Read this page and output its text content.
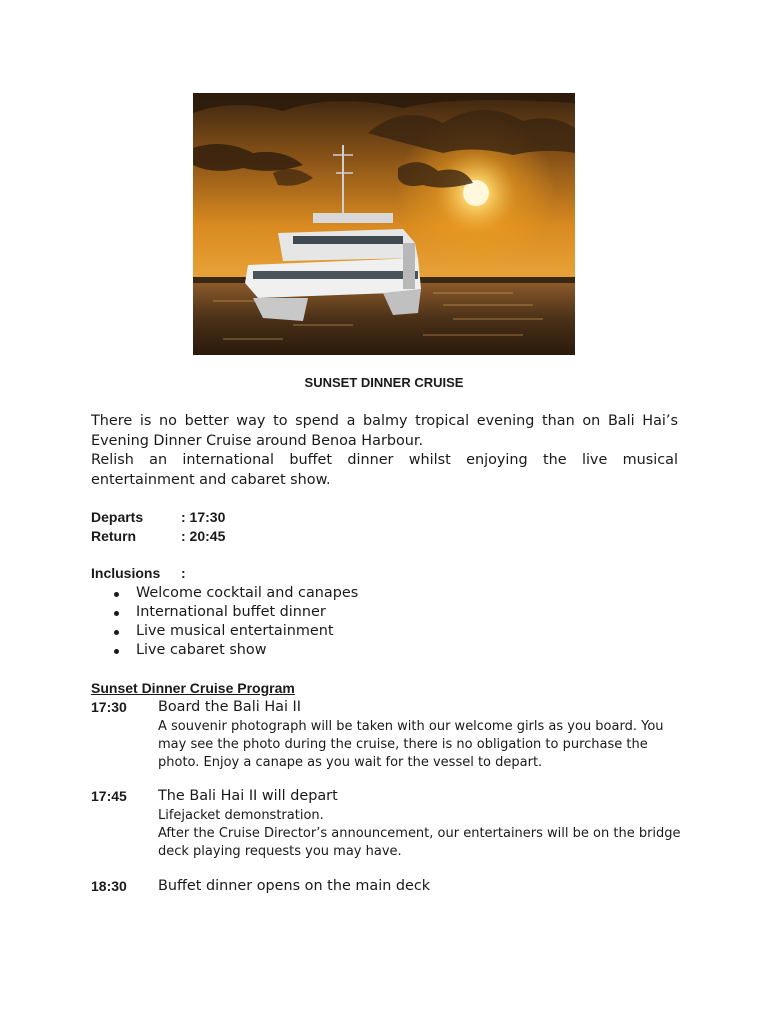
SUNSET DINNER CRUISE

There is no better way to spend a balmy tropical evening than on Bali Hai’s Evening Dinner Cruise around Benoa Harbour.

Relish an international buffet dinner whilst enjoying the live musical entertainment and cabaret show.

Departs	: 17:30
Return	: 20:45
Inclusions :
Welcome cocktail and canapes
International buffet dinner
Live musical entertainment
Live cabaret show
Sunset Dinner Cruise Program
17:30 Board the Bali Hai II

A souvenir photograph will be taken with our welcome girls as you board. You may see the photo during the cruise, there is no obligation to purchase the photo. Enjoy a canape as you wait for the vessel to depart.

17:45 The Bali Hai II will depart

Lifejacket demonstration.

After the Cruise Director’s announcement, our entertainers will be on the bridge deck playing requests you may have.

18:30 Buffet dinner opens on the main deck
